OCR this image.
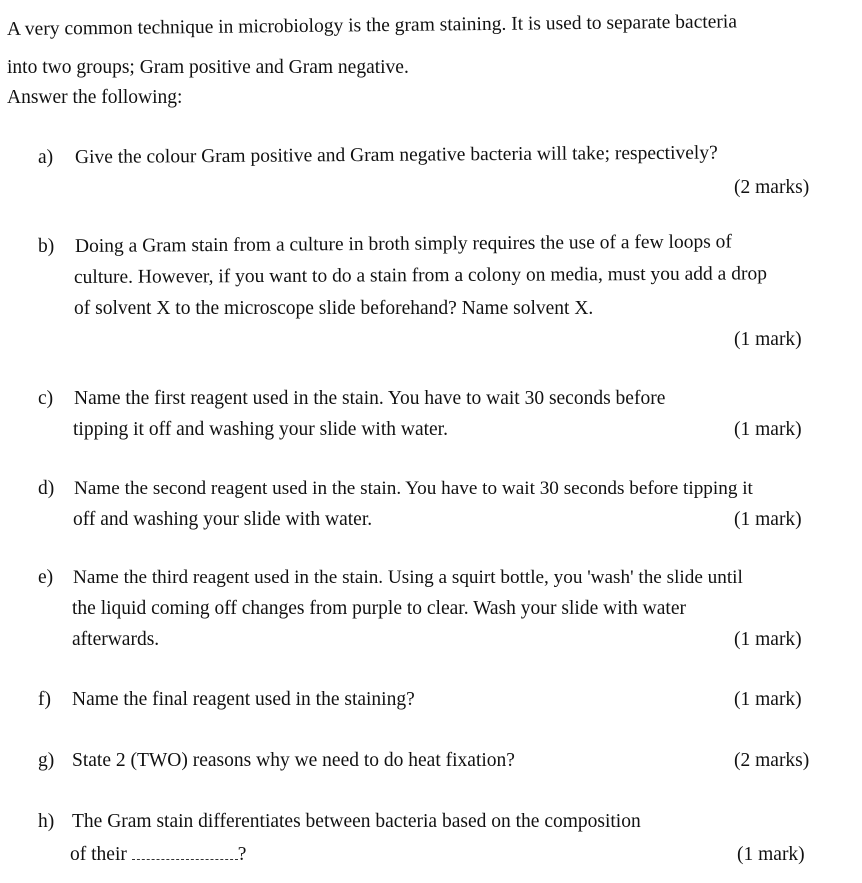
A very common technique in microbiology is the gram staining. It is used to separate bacteria
into two groups; Gram positive and Gram negative.
Answer the following:
a) Give the colour Gram positive and Gram negative bacteria will take; respectively?
(2 marks)
b) Doing a Gram stain from a culture in broth simply requires the use of a few loops of
culture. However, if you want to do a stain from a colony on media, must you add a drop
of solvent X to the microscope slide beforehand? Name solvent X.
(1 mark)
c) Name the first reagent used in the stain. You have to wait 30 seconds before
tipping it off and washing your slide with water.	(1 mark)
d) Name the second reagent used in the stain. You have to wait 30 seconds before tipping it
off and washing your slide with water.	(1 mark)
e) Name the third reagent used in the stain. Using a squirt bottle, you 'wash' the slide until
the liquid coming off changes from purple to clear. Wash your slide with water
afterwards.	(1 mark)
f) Name the final reagent used in the staining?	(1 mark)
g) State 2 (TWO) reasons why we need to do heat fixation?	(2 marks)
h) The Gram stain differentiates between bacteria based on the composition
of their	?	(1 mark)
